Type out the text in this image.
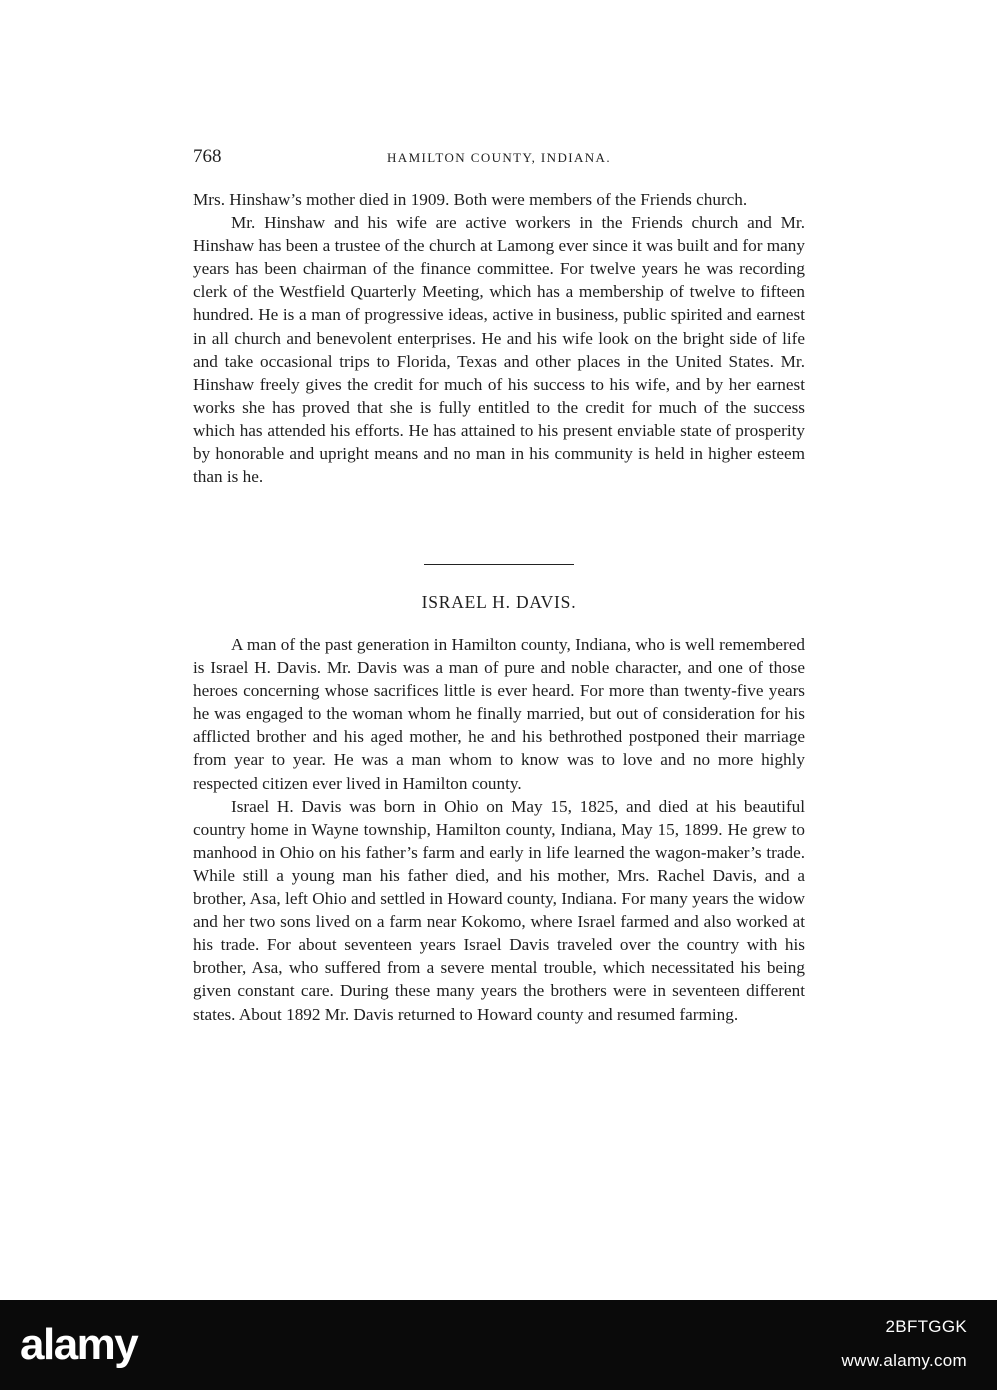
768	HAMILTON COUNTY, INDIANA.

Mrs. Hinshaw’s mother died in 1909. Both were members of the Friends church.

Mr. Hinshaw and his wife are active workers in the Friends church and Mr. Hinshaw has been a trustee of the church at Lamong ever since it was built and for many years has been chairman of the finance committee. For twelve years he was recording clerk of the Westfield Quarterly Meeting, which has a membership of twelve to fifteen hundred. He is a man of progressive ideas, active in business, public spirited and earnest in all church and benevolent enterprises. He and his wife look on the bright side of life and take occasional trips to Florida, Texas and other places in the United States. Mr. Hinshaw freely gives the credit for much of his success to his wife, and by her earnest works she has proved that she is fully entitled to the credit for much of the success which has attended his efforts. He has attained to his present enviable state of prosperity by honorable and upright means and no man in his community is held in higher esteem than is he.

ISRAEL H. DAVIS.

A man of the past generation in Hamilton county, Indiana, who is well remembered is Israel H. Davis. Mr. Davis was a man of pure and noble character, and one of those heroes concerning whose sacrifices little is ever heard. For more than twenty-five years he was engaged to the woman whom he finally married, but out of consideration for his afflicted brother and his aged mother, he and his bethrothed postponed their marriage from year to year. He was a man whom to know was to love and no more highly respected citizen ever lived in Hamilton county.

Israel H. Davis was born in Ohio on May 15, 1825, and died at his beautiful country home in Wayne township, Hamilton county, Indiana, May 15, 1899. He grew to manhood in Ohio on his father’s farm and early in life learned the wagon-maker’s trade. While still a young man his father died, and his mother, Mrs. Rachel Davis, and a brother, Asa, left Ohio and settled in Howard county, Indiana. For many years the widow and her two sons lived on a farm near Kokomo, where Israel farmed and also worked at his trade. For about seventeen years Israel Davis traveled over the country with his brother, Asa, who suffered from a severe mental trouble, which necessitated his being given constant care. During these many years the brothers were in seventeen different states. About 1892 Mr. Davis returned to Howard county and resumed farming.

alamy	2BFTGGK
www.alamy.com
